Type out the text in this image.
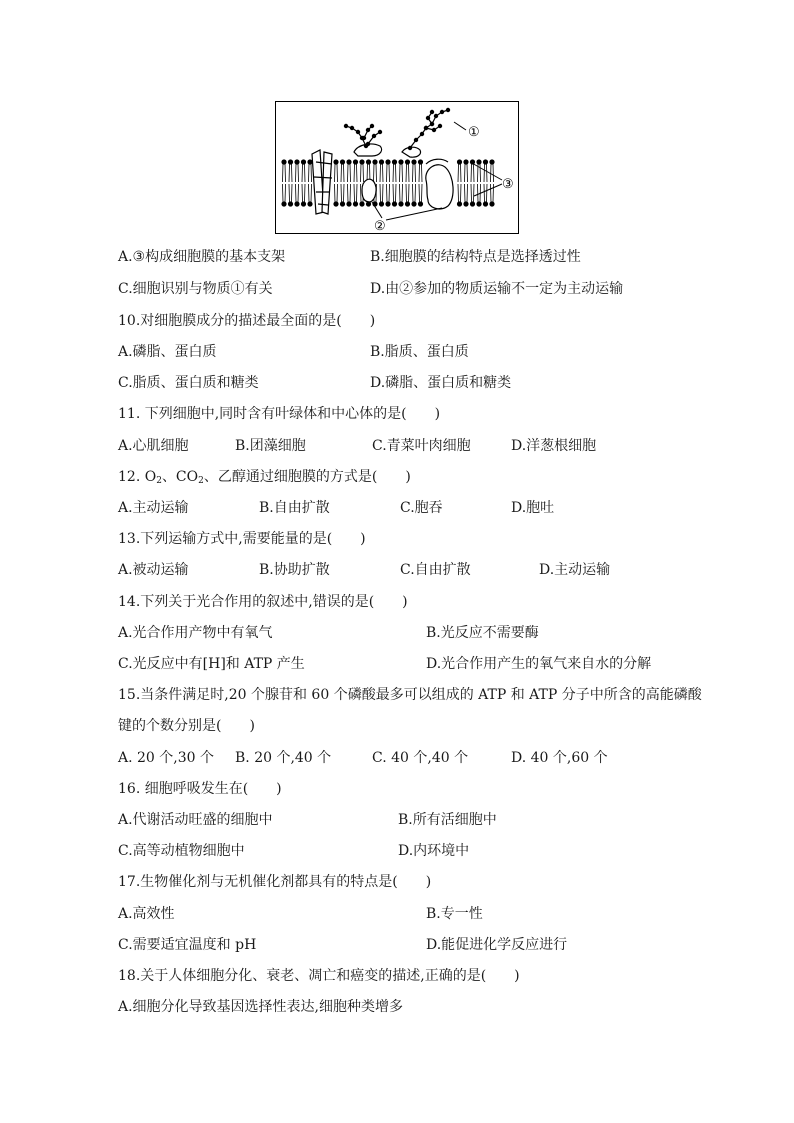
①
②
③
A.③构成细胞膜的基本支架	B.细胞膜的结构特点是选择透过性
C.细胞识别与物质①有关	D.由②参加的物质运输不一定为主动运输
10.对细胞膜成分的描述最全面的是(　　)
A.磷脂、蛋白质	B.脂质、蛋白质
C.脂质、蛋白质和糖类	D.磷脂、蛋白质和糖类
11. 下列细胞中,同时含有叶绿体和中心体的是(　　)
A.心肌细胞	B.团藻细胞	C.青菜叶肉细胞	D.洋葱根细胞
12. $O_2$、$CO_2$、乙醇通过细胞膜的方式是(　　)
A.主动运输	B.自由扩散	C.胞吞	D.胞吐
13.下列运输方式中,需要能量的是(　　)
A.被动运输	B.协助扩散	C.自由扩散	D.主动运输
14.下列关于光合作用的叙述中,错误的是(　　)
A.光合作用产物中有氧气	B.光反应不需要酶
C.光反应中有[H]和 ATP 产生	D.光合作用产生的氧气来自水的分解
15.当条件满足时,20 个腺苷和 60 个磷酸最多可以组成的 ATP 和 ATP 分子中所含的高能磷酸
键的个数分别是(　　)
A. 20 个,30 个 B. 20 个,40 个	C. 40 个,40 个	D. 40 个,60 个
16. 细胞呼吸发生在(　　)
A.代谢活动旺盛的细胞中	B.所有活细胞中
C.高等动植物细胞中	D.内环境中
17.生物催化剂与无机催化剂都具有的特点是(　　)
A.高效性	B.专一性
C.需要适宜温度和 pH	D.能促进化学反应进行
18.关于人体细胞分化、衰老、凋亡和癌变的描述,正确的是(　　)
A.细胞分化导致基因选择性表达,细胞种类增多
